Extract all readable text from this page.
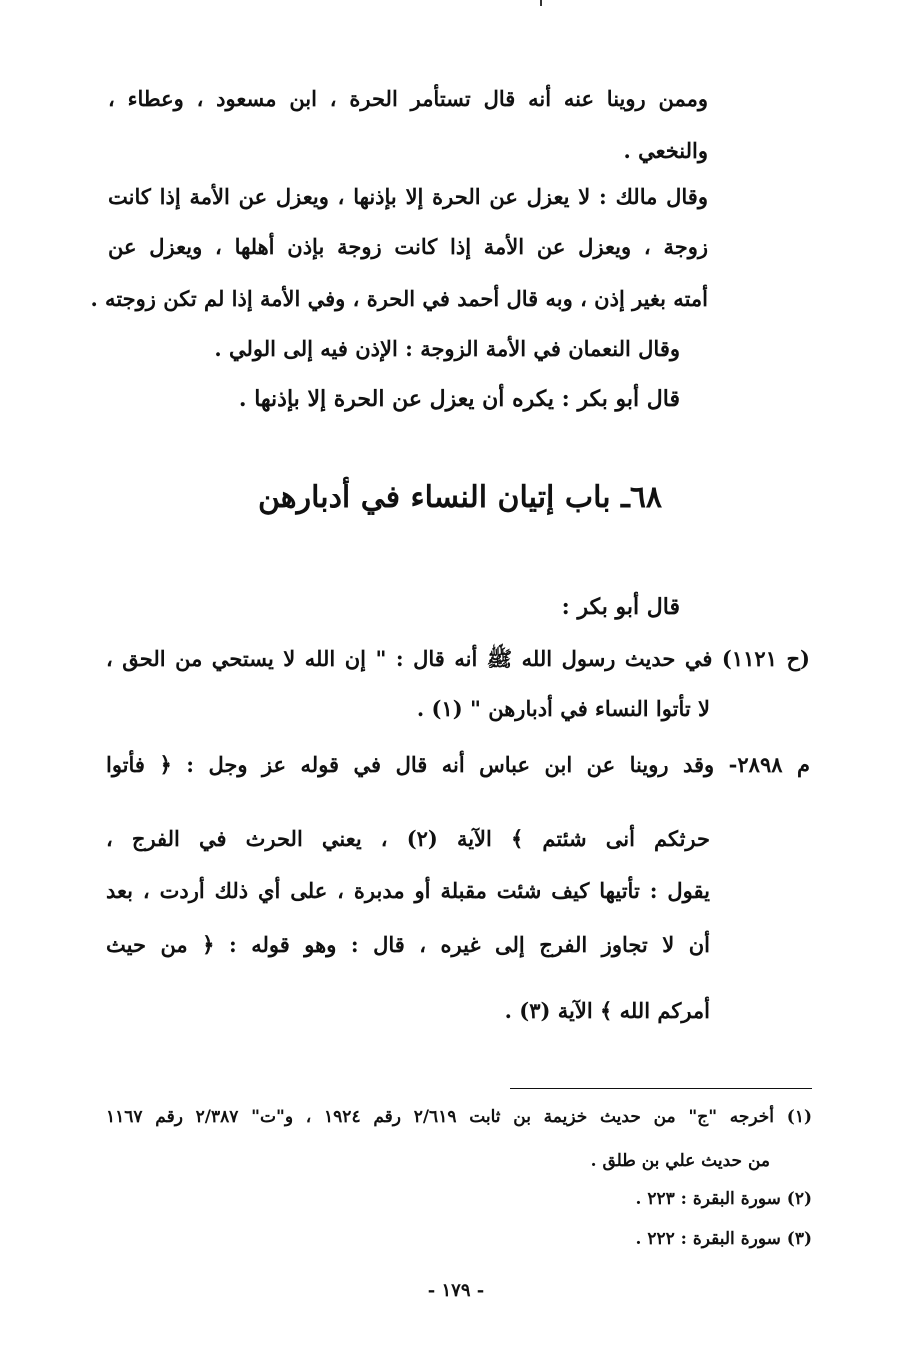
وممن روينا عنه أنه قال تستأمر الحرة ، ابن مسعود ، وعطاء ،
والنخعي .
وقال مالك : لا يعزل عن الحرة إلا بإذنها ، ويعزل عن الأمة إذا كانت
زوجة ، ويعزل عن الأمة إذا كانت زوجة بإذن أهلها ، ويعزل عن
أمته بغير إذن ، وبه قال أحمد في الحرة ، وفي الأمة إذا لم تكن زوجته .
وقال النعمان في الأمة الزوجة : الإذن فيه إلى الولي .
قال أبو بكر : يكره أن يعزل عن الحرة إلا بإذنها .
٦٨ـ باب إتيان النساء في أدبارهن
قال أبو بكر :
(ح ١١٢١) في حديث رسول الله ﷺ أنه قال : " إن الله لا يستحي من الحق ،
لا تأتوا النساء في أدبارهن " (١) .
م ٢٨٩٨- وقد روينا عن ابن عباس أنه قال في قوله عز وجل : ﴿ فأتوا
حرثكم أنى شئتم ﴾ الآية (٢) ، يعني الحرث في الفرج ،
يقول : تأتيها كيف شئت مقبلة أو مدبرة ، على أي ذلك أردت ، بعد
أن لا تجاوز الفرج إلى غيره ، قال : وهو قوله : ﴿ من حيث
أمركم الله ﴾ الآية (٣) .
(١) أخرجه "ج" من حديث خزيمة بن ثابت ٢/٦١٩ رقم ١٩٢٤ ، و"ت" ٢/٣٨٧ رقم ١١٦٧
من حديث علي بن طلق .
(٢) سورة البقرة : ٢٢٣ .
(٣) سورة البقرة : ٢٢٢ .
- ١٧٩ -
